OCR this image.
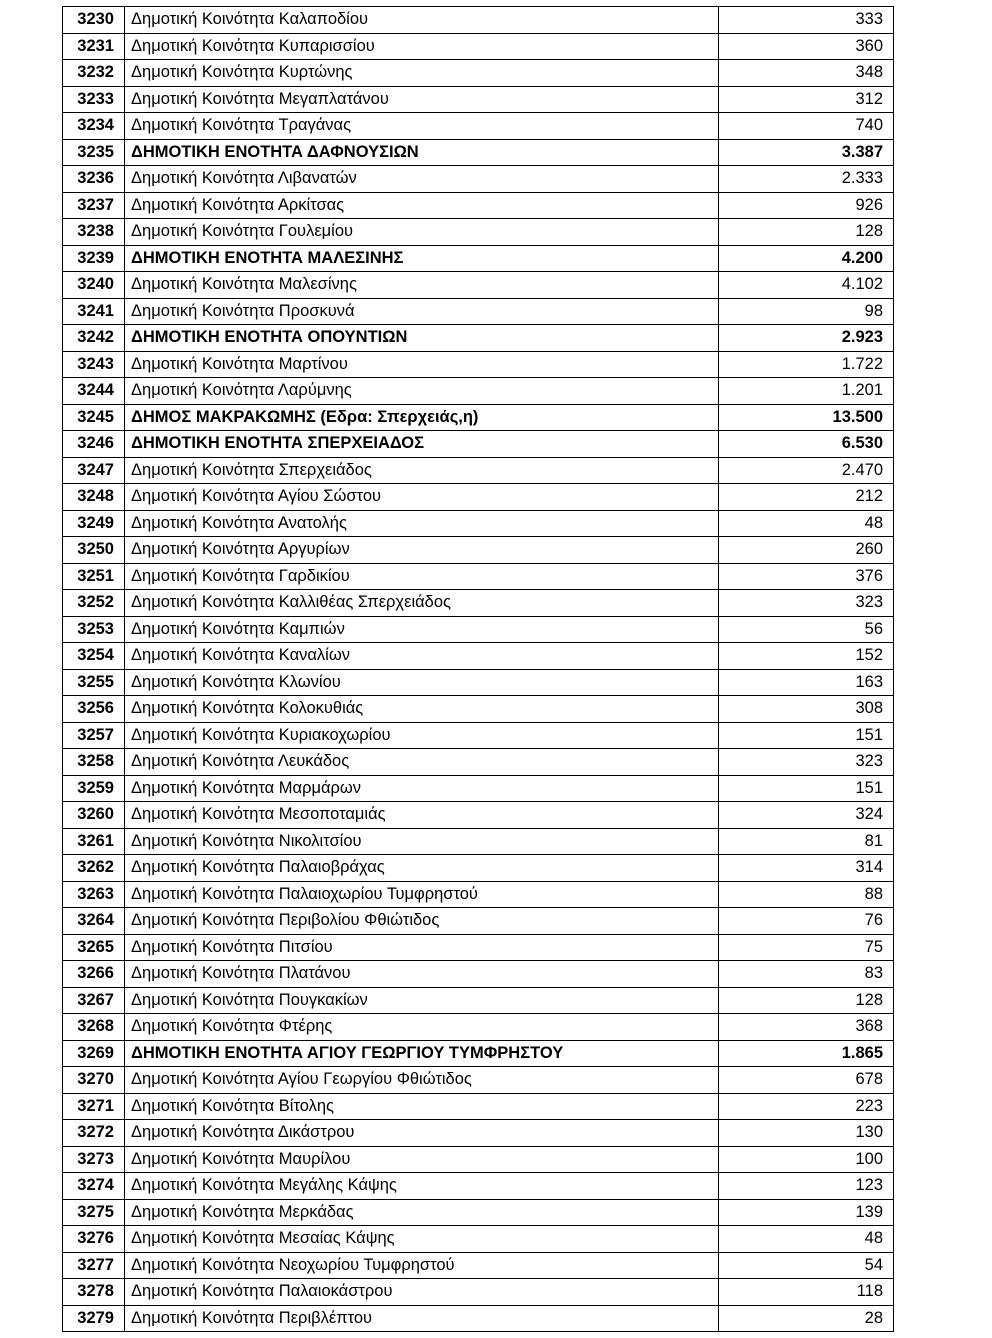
3230	Δημοτική Κοινότητα Καλαποδίου	333
3231	Δημοτική Κοινότητα Κυπαρισσίου	360
3232	Δημοτική Κοινότητα Κυρτώνης	348
3233	Δημοτική Κοινότητα Μεγαπλατάνου	312
3234	Δημοτική Κοινότητα Τραγάνας	740
3235	ΔΗΜΟΤΙΚΗ ΕΝΟΤΗΤΑ ΔΑΦΝΟΥΣΙΩΝ	3.387
3236	Δημοτική Κοινότητα Λιβανατών	2.333
3237	Δημοτική Κοινότητα Αρκίτσας	926
3238	Δημοτική Κοινότητα Γουλεμίου	128
3239	ΔΗΜΟΤΙΚΗ ΕΝΟΤΗΤΑ ΜΑΛΕΣΙΝΗΣ	4.200
3240	Δημοτική Κοινότητα Μαλεσίνης	4.102
3241	Δημοτική Κοινότητα Προσκυνά	98
3242	ΔΗΜΟΤΙΚΗ ΕΝΟΤΗΤΑ ΟΠΟΥΝΤΙΩΝ	2.923
3243	Δημοτική Κοινότητα Μαρτίνου	1.722
3244	Δημοτική Κοινότητα Λαρύμνης	1.201
3245	ΔΗΜΟΣ ΜΑΚΡΑΚΩΜΗΣ (Εδρα: Σπερχειάς,η)	13.500
3246	ΔΗΜΟΤΙΚΗ ΕΝΟΤΗΤΑ ΣΠΕΡΧΕΙΑΔΟΣ	6.530
3247	Δημοτική Κοινότητα Σπερχειάδος	2.470
3248	Δημοτική Κοινότητα Αγίου Σώστου	212
3249	Δημοτική Κοινότητα Ανατολής	48
3250	Δημοτική Κοινότητα Αργυρίων	260
3251	Δημοτική Κοινότητα Γαρδικίου	376
3252	Δημοτική Κοινότητα Καλλιθέας Σπερχειάδος	323
3253	Δημοτική Κοινότητα Καμπιών	56
3254	Δημοτική Κοινότητα Καναλίων	152
3255	Δημοτική Κοινότητα Κλωνίου	163
3256	Δημοτική Κοινότητα Κολοκυθιάς	308
3257	Δημοτική Κοινότητα Κυριακοχωρίου	151
3258	Δημοτική Κοινότητα Λευκάδος	323
3259	Δημοτική Κοινότητα Μαρμάρων	151
3260	Δημοτική Κοινότητα Μεσοποταμιάς	324
3261	Δημοτική Κοινότητα Νικολιτσίου	81
3262	Δημοτική Κοινότητα Παλαιοβράχας	314
3263	Δημοτική Κοινότητα Παλαιοχωρίου Τυμφρηστού	88
3264	Δημοτική Κοινότητα Περιβολίου Φθιώτιδος	76
3265	Δημοτική Κοινότητα Πιτσίου	75
3266	Δημοτική Κοινότητα Πλατάνου	83
3267	Δημοτική Κοινότητα Πουγκακίων	128
3268	Δημοτική Κοινότητα Φτέρης	368
3269	ΔΗΜΟΤΙΚΗ ΕΝΟΤΗΤΑ ΑΓΙΟΥ ΓΕΩΡΓΙΟΥ ΤΥΜΦΡΗΣΤΟΥ	1.865
3270	Δημοτική Κοινότητα Αγίου Γεωργίου Φθιώτιδος	678
3271	Δημοτική Κοινότητα Βίτολης	223
3272	Δημοτική Κοινότητα Δικάστρου	130
3273	Δημοτική Κοινότητα Μαυρίλου	100
3274	Δημοτική Κοινότητα Μεγάλης Κάψης	123
3275	Δημοτική Κοινότητα Μερκάδας	139
3276	Δημοτική Κοινότητα Μεσαίας Κάψης	48
3277	Δημοτική Κοινότητα Νεοχωρίου Τυμφρηστού	54
3278	Δημοτική Κοινότητα Παλαιοκάστρου	118
3279	Δημοτική Κοινότητα Περιβλέπτου	28
